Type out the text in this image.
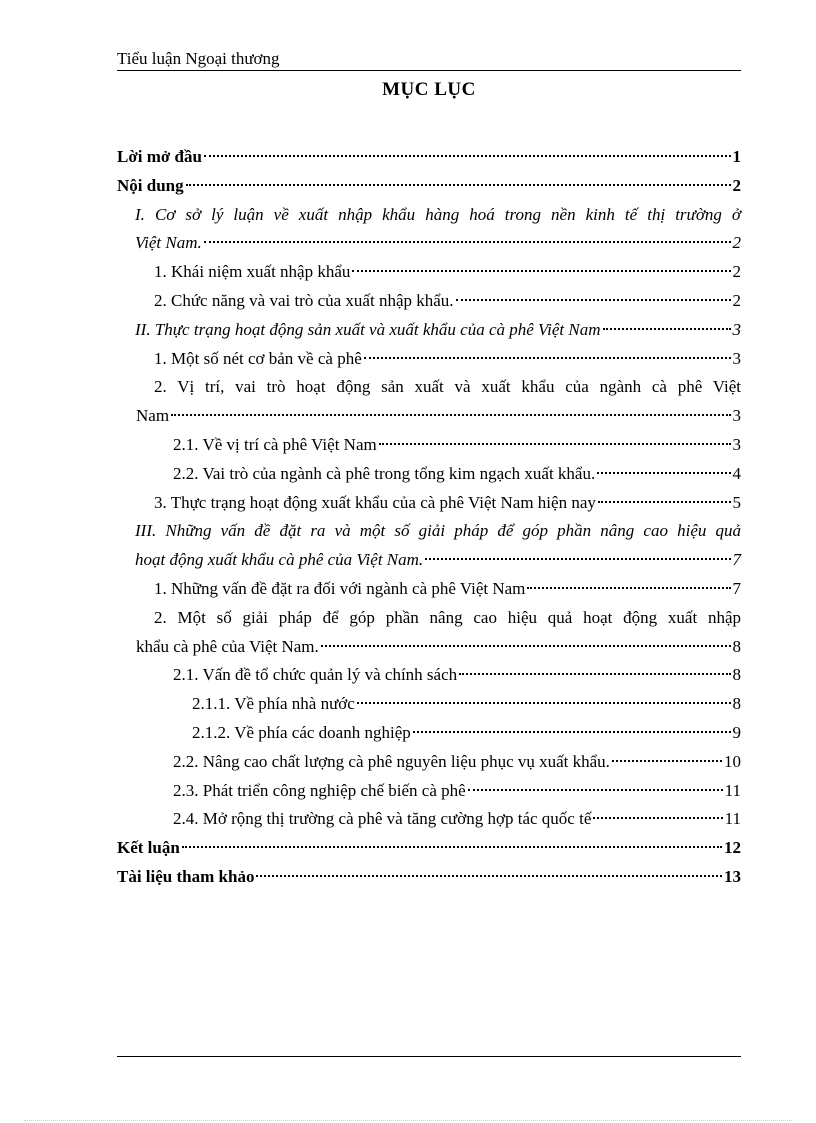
Tiểu luận Ngoại thương
MỤC LỤC
Lời mở đầu	1
Nội dung	2
I. Cơ sở lý luận về xuất nhập khẩu hàng hoá trong nền kinh tế thị trường ở
Việt Nam.	2
1. Khái niệm xuất nhập khẩu	2
2. Chức năng và vai trò của xuất nhập khẩu.	2
II. Thực trạng hoạt động sản xuất và xuất khẩu của cà phê Việt Nam	3
1. Một số nét cơ bản về cà phê	3
2. Vị trí, vai trò hoạt động sản xuất và xuất khẩu của ngành cà phê Việt
Nam	3
2.1. Về vị trí cà phê Việt Nam	3
2.2. Vai trò của ngành cà phê trong tổng kim ngạch xuất khẩu.	4
3. Thực trạng hoạt động xuất khẩu của cà phê Việt Nam hiện nay	5
III. Những vấn đề đặt ra và một số giải pháp để góp phần nâng cao hiệu quả
hoạt động xuất khẩu cà phê của Việt Nam.	7
1. Những vấn đề đặt ra đối với ngành cà phê Việt Nam	7
2. Một số giải pháp để góp phần nâng cao hiệu quả hoạt động xuất nhập
khẩu cà phê của Việt Nam.	8
2.1. Vấn đề tổ chức quản lý và chính sách	8
2.1.1. Về phía nhà nước	8
2.1.2. Về phía các doanh nghiệp	9
2.2. Nâng cao chất lượng cà phê nguyên liệu phục vụ xuất khẩu.	10
2.3. Phát triển công nghiệp chế biến cà phê	11
2.4. Mở rộng thị trường cà phê và tăng cường hợp tác quốc tế	11
Kết luận	12
Tài liệu tham khảo	13
